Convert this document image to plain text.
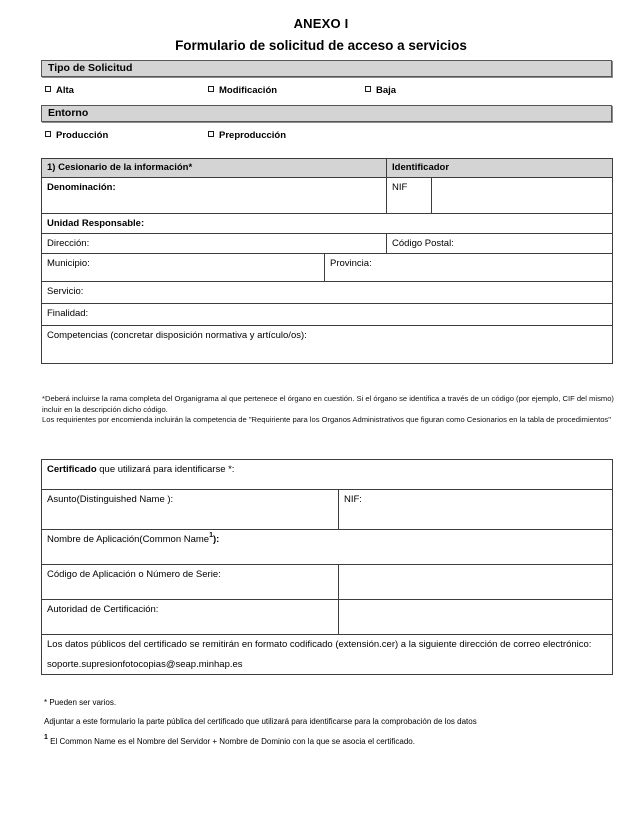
ANEXO I
Formulario de solicitud de acceso a servicios
Tipo de Solicitud
Alta	Modificación	Baja
Entorno
Producción	Preproducción
1) Cesionario de la información*		Identificador	
Denominación:		NIF	
Unidad Responsable:			
Dirección:		Código Postal:	
Municipio:	Provincia:		
Servicio:			
Finalidad:			
Competencias (concretar disposición normativa y artículo/os):			
*Deberá incluirse la rama completa del Organigrama al que pertenece el órgano en cuestión. Si el órgano se identifica a través de un código (por ejemplo, CIF del mismo) incluir en la descripción dicho código.
Los requirientes por encomienda incluirán la competencia de "Requiriente para los Organos Administrativos que figuran como Cesionarios en la tabla de procedimientos"
Certificado que utilizará para identificarse *:	
Asunto(Distinguished Name ):	NIF:
Nombre de Aplicación(Common Name$^1$):	
Código de Aplicación o Número de Serie:	
Autoridad de Certificación:	

Los datos públicos del certificado se remitirán en formato codificado (extensión.cer) a la siguiente dirección de correo electrónico:

soporte.supresionfotocopias@seap.minhap.es	

* Pueden ser varios.
Adjuntar a este formulario la parte pública del certificado que utilizará para identificarse para la comprobación de los datos
$^1$ El Common Name es el Nombre del Servidor + Nombre de Dominio con la que se asocia el certificado.
